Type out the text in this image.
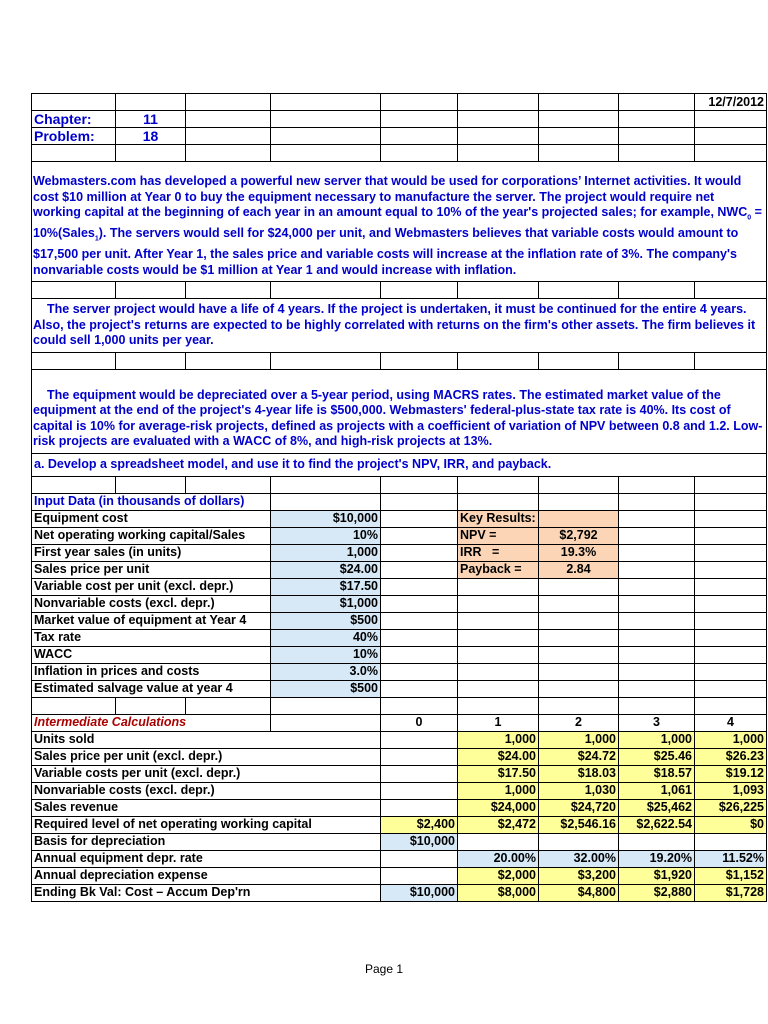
								12/7/2012
Chapter:	11							
Problem:	18							

Webmasters.com has developed a powerful new server that would be used for corporations’ Internet activities. It would cost $10 million at Year 0 to buy the equipment necessary to manufacture the server. The project would require net working capital at the beginning of each year in an amount equal to 10% of the year's projected sales; for example, $NWC_0$ = 10%(Sales$_1$). The servers would sell for $24,000 per unit, and Webmasters believes that variable costs would amount to $17,500 per unit. After Year 1, the sales price and variable costs will increase at the inflation rate of 3%. The company's nonvariable costs would be $1 million at Year 1 and would increase with inflation.								

The server project would have a life of 4 years. If the project is undertaken, it must be continued for the entire 4 years. Also, the project's returns are expected to be highly correlated with returns on the firm's other assets. The firm believes it could sell 1,000 units per year.								

The equipment would be depreciated over a 5-year period, using MACRS rates. The estimated market value of the equipment at the end of the project's 4-year life is $500,000. Webmasters' federal-plus-state tax rate is 40%. Its cost of capital is 10% for average-risk projects, defined as projects with a coefficient of variation of NPV between 0.8 and 1.2. Low-risk projects are evaluated with a WACC of 8%, and high-risk projects at 13%.								
a. Develop a spreadsheet model, and use it to find the project's NPV, IRR, and payback.								

Input Data (in thousands of dollars)								
Equipment cost			$10,000		Key Results:			
Net operating working capital/Sales			10%		NPV =	$2,792		
First year sales (in units)			1,000		IRR   =	19.3%		
Sales price per unit			$24.00		Payback =	2.84		
Variable cost per unit (excl. depr.)			$17.50					
Nonvariable costs (excl. depr.)			$1,000					
Market value of equipment at Year 4			$500					
Tax rate			40%					
WACC			10%					
Inflation in prices and costs			3.0%					
Estimated salvage value at year 4			$500					

Intermediate Calculations				0	1	2	3	4
Units sold					1,000	1,000	1,000	1,000
Sales price per unit (excl. depr.)					$24.00	$24.72	$25.46	$26.23
Variable costs per unit (excl. depr.)					$17.50	$18.03	$18.57	$19.12
Nonvariable costs (excl. depr.)					1,000	1,030	1,061	1,093
Sales revenue					$24,000	$24,720	$25,462	$26,225
Required level of net operating working capital				$2,400	$2,472	$2,546.16	$2,622.54	$0
Basis for depreciation				$10,000				
Annual equipment depr. rate					20.00%	32.00%	19.20%	11.52%
Annual depreciation expense					$2,000	$3,200	$1,920	$1,152
Ending Bk Val: Cost – Accum Dep'rn				$10,000	$8,000	$4,800	$2,880	$1,728
Page 1
